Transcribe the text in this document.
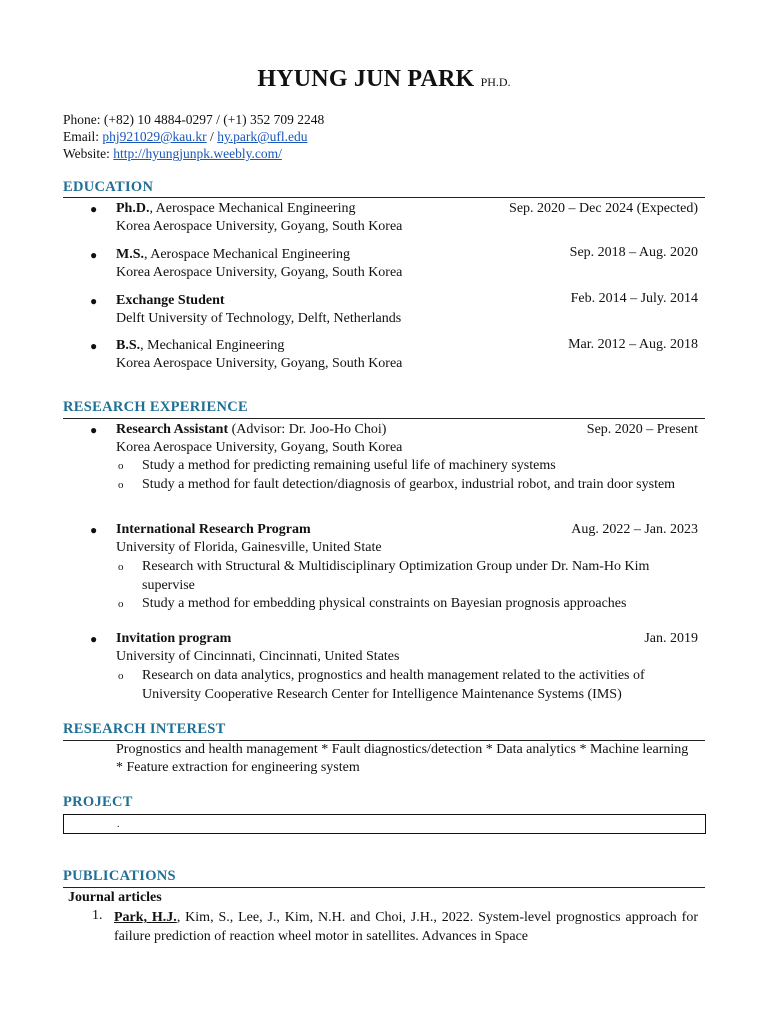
HYUNG JUN PARK PH.D.
Phone: (+82) 10 4884-0297 / (+1) 352 709 2248
Email: phj921029@kau.kr / hy.park@ufl.edu
Website: http://hyungjunpk.weebly.com/
EDUCATION
● Ph.D., Aerospace Mechanical Engineering
Korea Aerospace University, Goyang, South Korea
Sep. 2020 – Dec 2024 (Expected)
● M.S., Aerospace Mechanical Engineering
Korea Aerospace University, Goyang, South Korea
Sep. 2018 – Aug. 2020
● Exchange Student
Delft University of Technology, Delft, Netherlands
Feb. 2014 – July. 2014
● B.S., Mechanical Engineering
Korea Aerospace University, Goyang, South Korea
Mar. 2012 – Aug. 2018
RESEARCH EXPERIENCE
● Research Assistant (Advisor: Dr. Joo-Ho Choi)
Korea Aerospace University, Goyang, South Korea
Sep. 2020 – Present
o Study a method for predicting remaining useful life of machinery systems
o Study a method for fault detection/diagnosis of gearbox, industrial robot, and train door system
● International Research Program
University of Florida, Gainesville, United State
Aug. 2022 – Jan. 2023
o Research with Structural & Multidisciplinary Optimization Group under Dr. Nam-Ho Kim supervise
o Study a method for embedding physical constraints on Bayesian prognosis approaches
● Invitation program
University of Cincinnati, Cincinnati, United States
Jan. 2019
o Research on data analytics, prognostics and health management related to the activities of University Cooperative Research Center for Intelligence Maintenance Systems (IMS)
RESEARCH INTEREST
Prognostics and health management * Fault diagnostics/detection * Data analytics * Machine learning * Feature extraction for engineering system
PROJECT
.
PUBLICATIONS
Journal articles
1. Park, H.J., Kim, S., Lee, J., Kim, N.H. and Choi, J.H., 2022. System-level prognostics approach for failure prediction of reaction wheel motor in satellites. Advances in Space
